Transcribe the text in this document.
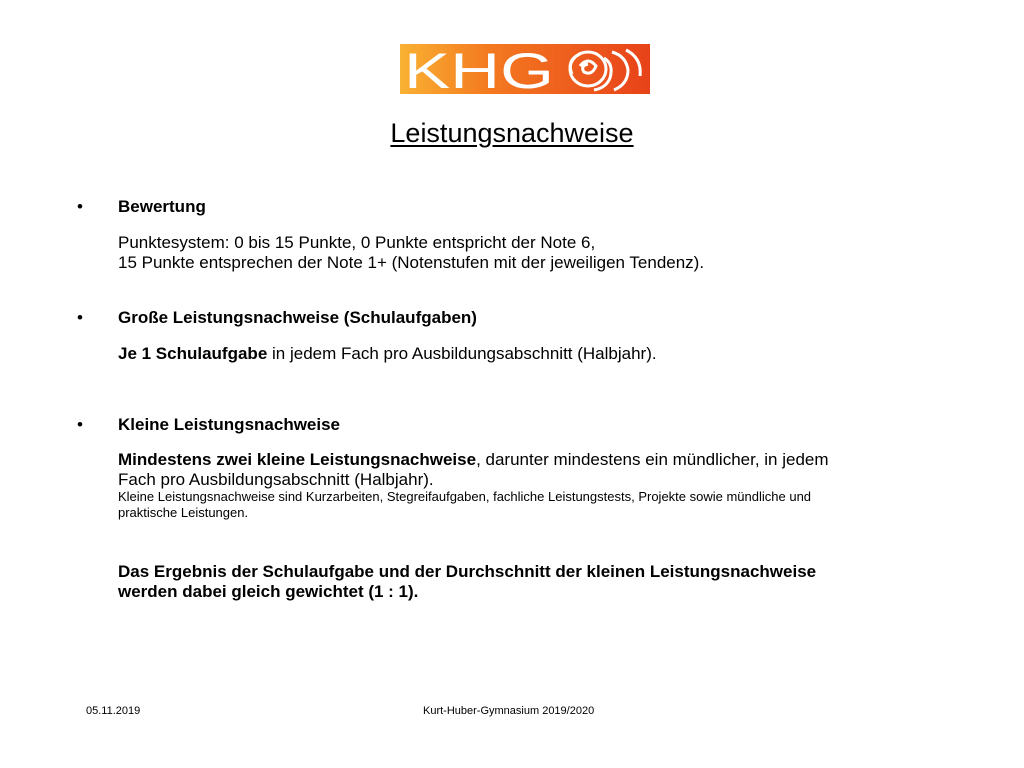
KHG
Leistungsnachweise
• Bewertung
Punktesystem: 0 bis 15 Punkte, 0 Punkte entspricht der Note 6,
15 Punkte entsprechen der Note 1+ (Notenstufen mit der jeweiligen Tendenz).
• Große Leistungsnachweise (Schulaufgaben)
Je 1 Schulaufgabe in jedem Fach pro Ausbildungsabschnitt (Halbjahr).
• Kleine Leistungsnachweise
Mindestens zwei kleine Leistungsnachweise, darunter mindestens ein mündlicher, in jedem
Fach pro Ausbildungsabschnitt (Halbjahr).
Kleine Leistungsnachweise sind Kurzarbeiten, Stegreifaufgaben, fachliche Leistungstests, Projekte sowie mündliche und
praktische Leistungen.
Das Ergebnis der Schulaufgabe und der Durchschnitt der kleinen Leistungsnachweise
werden dabei gleich gewichtet (1 : 1).
05.11.2019	Kurt-Huber-Gymnasium 2019/2020
